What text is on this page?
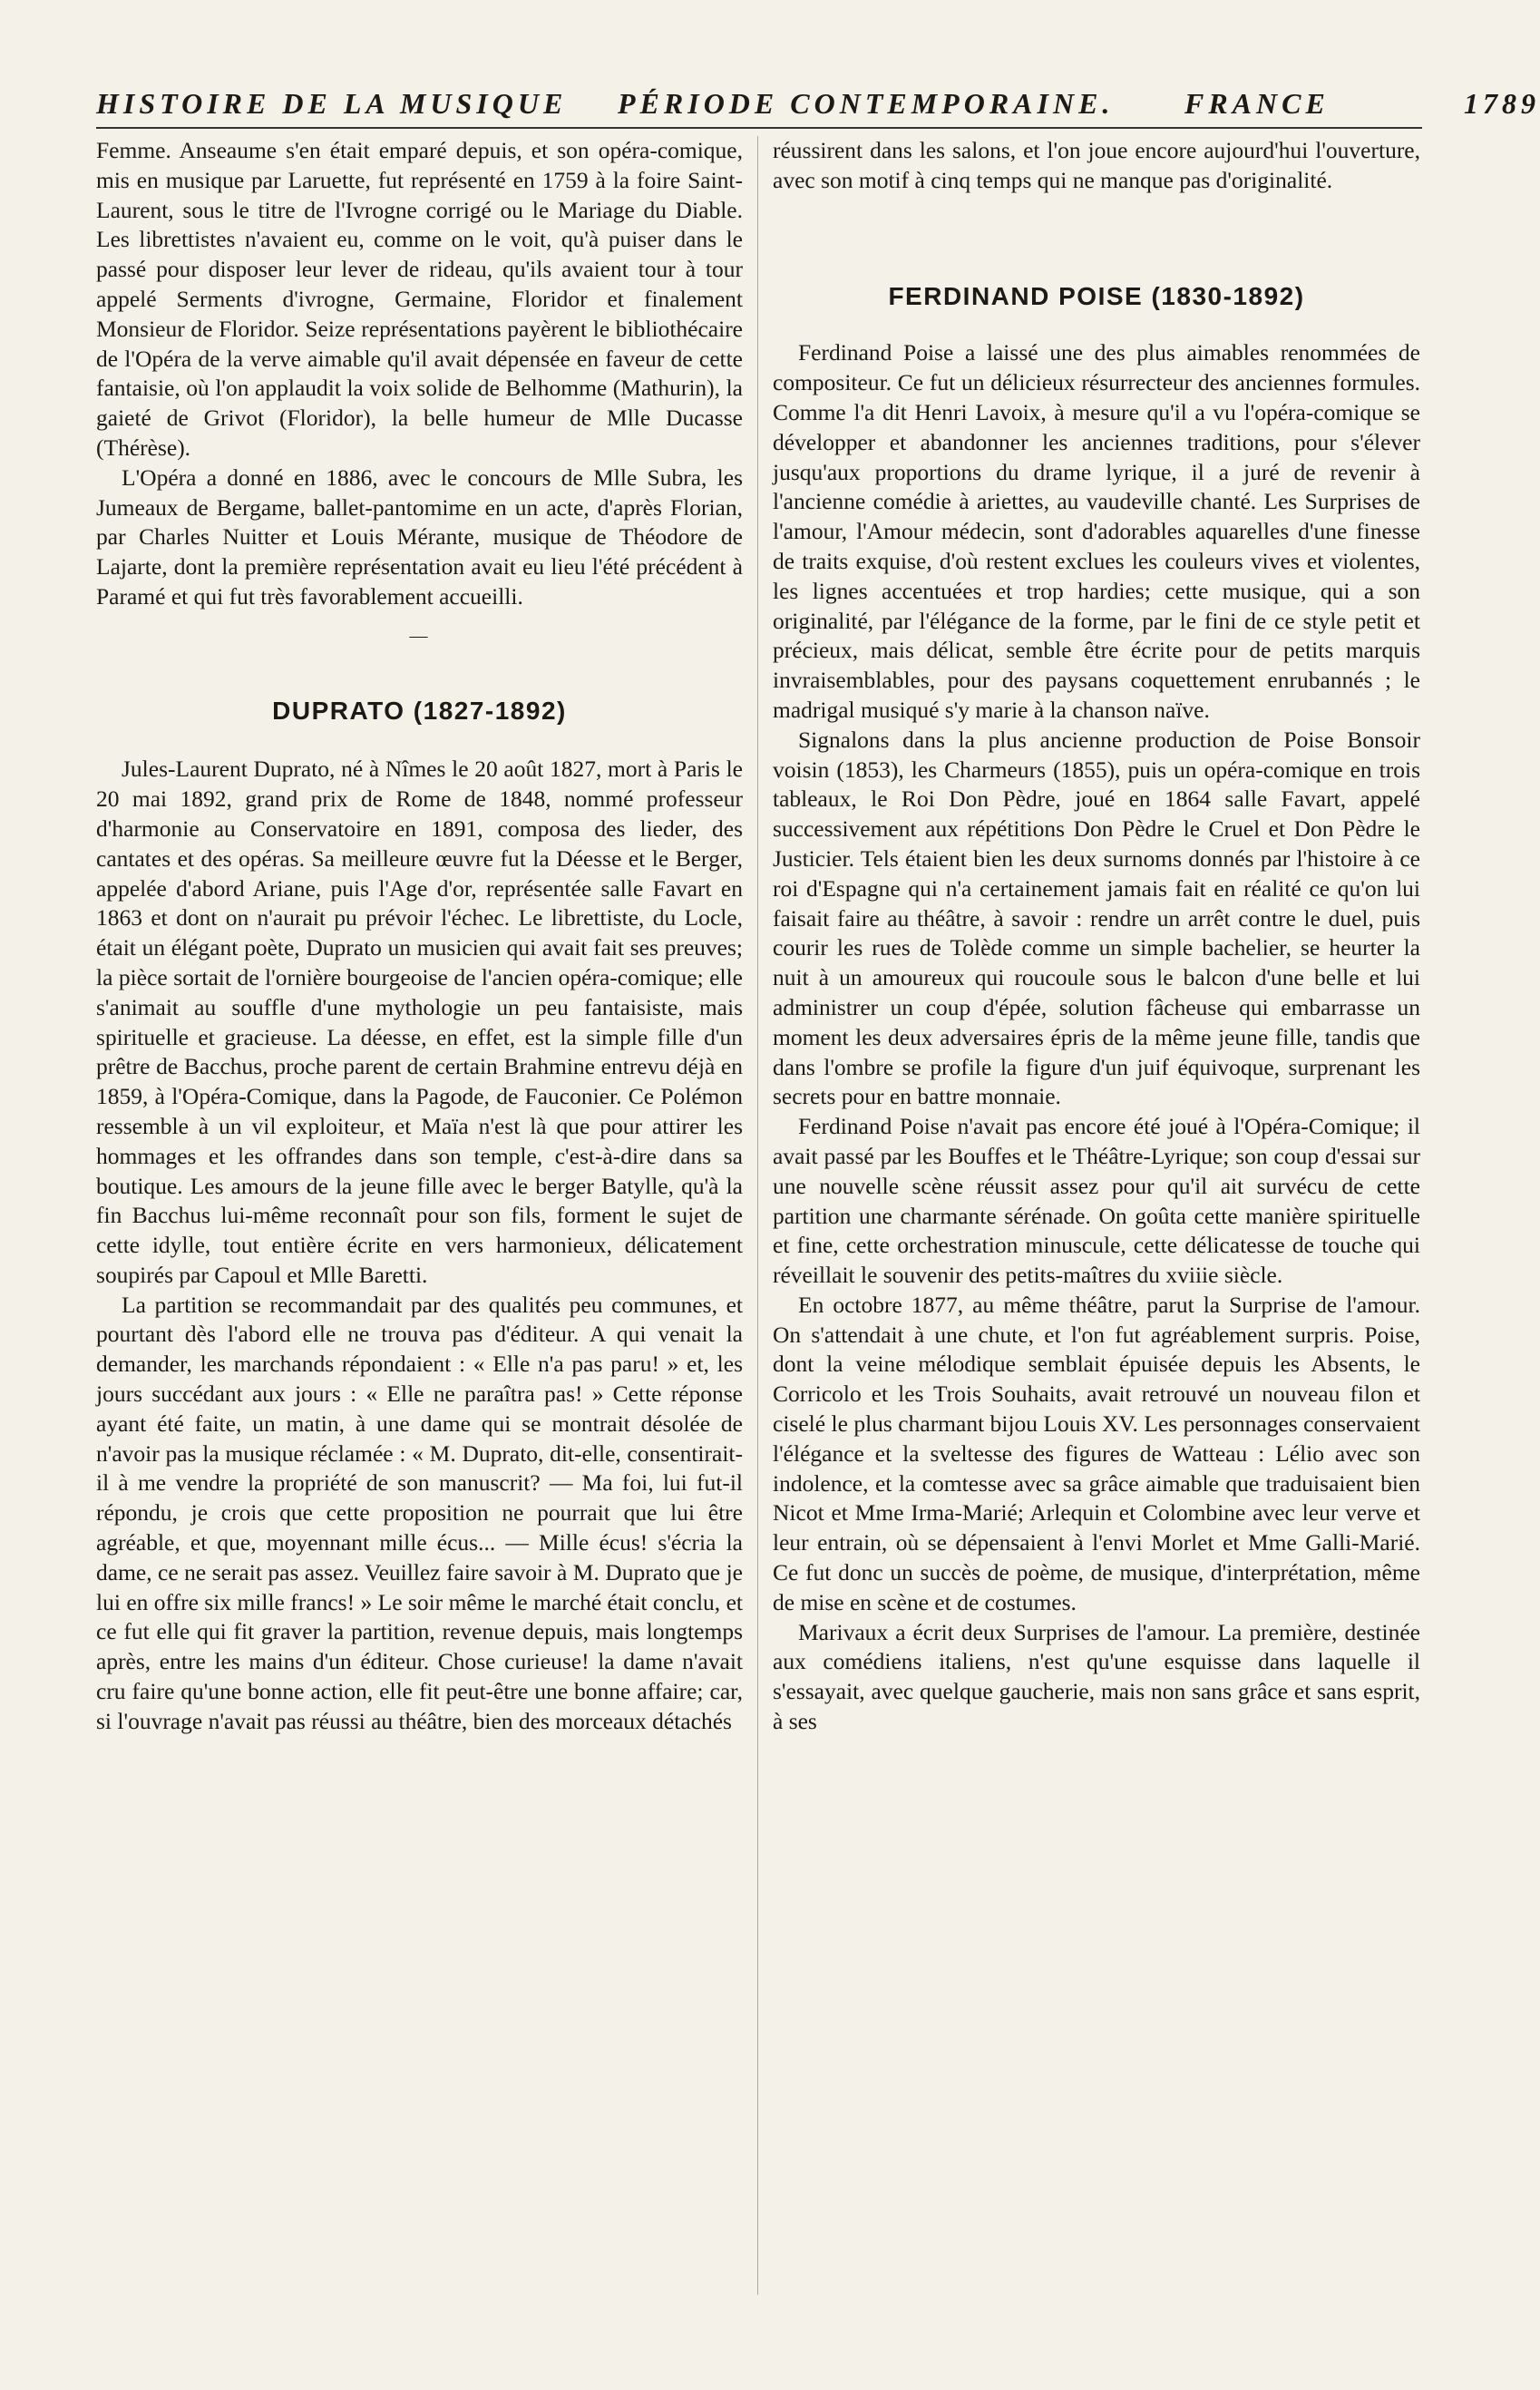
HISTOIRE DE LA MUSIQUE PÉRIODE CONTEMPORAINE. FRANCE	1789

Femme. Anseaume s'en était emparé depuis, et son opéra-comique, mis en musique par Laruette, fut représenté en 1759 à la foire Saint-Laurent, sous le titre de l'Ivrogne corrigé ou le Mariage du Diable. Les librettistes n'avaient eu, comme on le voit, qu'à puiser dans le passé pour disposer leur lever de rideau, qu'ils avaient tour à tour appelé Serments d'ivrogne, Germaine, Floridor et finalement Monsieur de Floridor. Seize représentations payèrent le bibliothécaire de l'Opéra de la verve aimable qu'il avait dépensée en faveur de cette fantaisie, où l'on applaudit la voix solide de Belhomme (Mathurin), la gaieté de Grivot (Floridor), la belle humeur de Mlle Ducasse (Thérèse).

L'Opéra a donné en 1886, avec le concours de Mlle Subra, les Jumeaux de Bergame, ballet-pantomime en un acte, d'après Florian, par Charles Nuitter et Louis Mérante, musique de Théodore de Lajarte, dont la première représentation avait eu lieu l'été précédent à Paramé et qui fut très favorablement accueilli.

—
DUPRATO (1827-1892)

Jules-Laurent Duprato, né à Nîmes le 20 août 1827, mort à Paris le 20 mai 1892, grand prix de Rome de 1848, nommé professeur d'harmonie au Conservatoire en 1891, composa des lieder, des cantates et des opéras. Sa meilleure œuvre fut la Déesse et le Berger, appelée d'abord Ariane, puis l'Age d'or, représentée salle Favart en 1863 et dont on n'aurait pu prévoir l'échec. Le librettiste, du Locle, était un élégant poète, Duprato un musicien qui avait fait ses preuves; la pièce sortait de l'ornière bourgeoise de l'ancien opéra-comique; elle s'animait au souffle d'une mythologie un peu fantaisiste, mais spirituelle et gracieuse. La déesse, en effet, est la simple fille d'un prêtre de Bacchus, proche parent de certain Brahmine entrevu déjà en 1859, à l'Opéra-Comique, dans la Pagode, de Fauconier. Ce Polémon ressemble à un vil exploiteur, et Maïa n'est là que pour attirer les hommages et les offrandes dans son temple, c'est-à-dire dans sa boutique. Les amours de la jeune fille avec le berger Batylle, qu'à la fin Bacchus lui-même reconnaît pour son fils, forment le sujet de cette idylle, tout entière écrite en vers harmonieux, délicatement soupirés par Capoul et Mlle Baretti.

La partition se recommandait par des qualités peu communes, et pourtant dès l'abord elle ne trouva pas d'éditeur. A qui venait la demander, les marchands répondaient : « Elle n'a pas paru! » et, les jours succédant aux jours : « Elle ne paraîtra pas! » Cette réponse ayant été faite, un matin, à une dame qui se montrait désolée de n'avoir pas la musique réclamée : « M. Duprato, dit-elle, consentirait-il à me vendre la propriété de son manuscrit? — Ma foi, lui fut-il répondu, je crois que cette proposition ne pourrait que lui être agréable, et que, moyennant mille écus... — Mille écus! s'écria la dame, ce ne serait pas assez. Veuillez faire savoir à M. Duprato que je lui en offre six mille francs! » Le soir même le marché était conclu, et ce fut elle qui fit graver la partition, revenue depuis, mais longtemps après, entre les mains d'un éditeur. Chose curieuse! la dame n'avait cru faire qu'une bonne action, elle fit peut-être une bonne affaire; car, si l'ouvrage n'avait pas réussi au théâtre, bien des morceaux détachés

réussirent dans les salons, et l'on joue encore aujourd'hui l'ouverture, avec son motif à cinq temps qui ne manque pas d'originalité.

FERDINAND POISE (1830-1892)

Ferdinand Poise a laissé une des plus aimables renommées de compositeur. Ce fut un délicieux résurrecteur des anciennes formules. Comme l'a dit Henri Lavoix, à mesure qu'il a vu l'opéra-comique se développer et abandonner les anciennes traditions, pour s'élever jusqu'aux proportions du drame lyrique, il a juré de revenir à l'ancienne comédie à ariettes, au vaudeville chanté. Les Surprises de l'amour, l'Amour médecin, sont d'adorables aquarelles d'une finesse de traits exquise, d'où restent exclues les couleurs vives et violentes, les lignes accentuées et trop hardies; cette musique, qui a son originalité, par l'élégance de la forme, par le fini de ce style petit et précieux, mais délicat, semble être écrite pour de petits marquis invraisemblables, pour des paysans coquettement enrubannés ; le madrigal musiqué s'y marie à la chanson naïve.

Signalons dans la plus ancienne production de Poise Bonsoir voisin (1853), les Charmeurs (1855), puis un opéra-comique en trois tableaux, le Roi Don Pèdre, joué en 1864 salle Favart, appelé successivement aux répétitions Don Pèdre le Cruel et Don Pèdre le Justicier. Tels étaient bien les deux surnoms donnés par l'histoire à ce roi d'Espagne qui n'a certainement jamais fait en réalité ce qu'on lui faisait faire au théâtre, à savoir : rendre un arrêt contre le duel, puis courir les rues de Tolède comme un simple bachelier, se heurter la nuit à un amoureux qui roucoule sous le balcon d'une belle et lui administrer un coup d'épée, solution fâcheuse qui embarrasse un moment les deux adversaires épris de la même jeune fille, tandis que dans l'ombre se profile la figure d'un juif équivoque, surprenant les secrets pour en battre monnaie.

Ferdinand Poise n'avait pas encore été joué à l'Opéra-Comique; il avait passé par les Bouffes et le Théâtre-Lyrique; son coup d'essai sur une nouvelle scène réussit assez pour qu'il ait survécu de cette partition une charmante sérénade. On goûta cette manière spirituelle et fine, cette orchestration minuscule, cette délicatesse de touche qui réveillait le souvenir des petits-maîtres du xviiie siècle.

En octobre 1877, au même théâtre, parut la Surprise de l'amour. On s'attendait à une chute, et l'on fut agréablement surpris. Poise, dont la veine mélodique semblait épuisée depuis les Absents, le Corricolo et les Trois Souhaits, avait retrouvé un nouveau filon et ciselé le plus charmant bijou Louis XV. Les personnages conservaient l'élégance et la sveltesse des figures de Watteau : Lélio avec son indolence, et la comtesse avec sa grâce aimable que traduisaient bien Nicot et Mme Irma-Marié; Arlequin et Colombine avec leur verve et leur entrain, où se dépensaient à l'envi Morlet et Mme Galli-Marié. Ce fut donc un succès de poème, de musique, d'interprétation, même de mise en scène et de costumes.

Marivaux a écrit deux Surprises de l'amour. La première, destinée aux comédiens italiens, n'est qu'une esquisse dans laquelle il s'essayait, avec quelque gaucherie, mais non sans grâce et sans esprit, à ses
